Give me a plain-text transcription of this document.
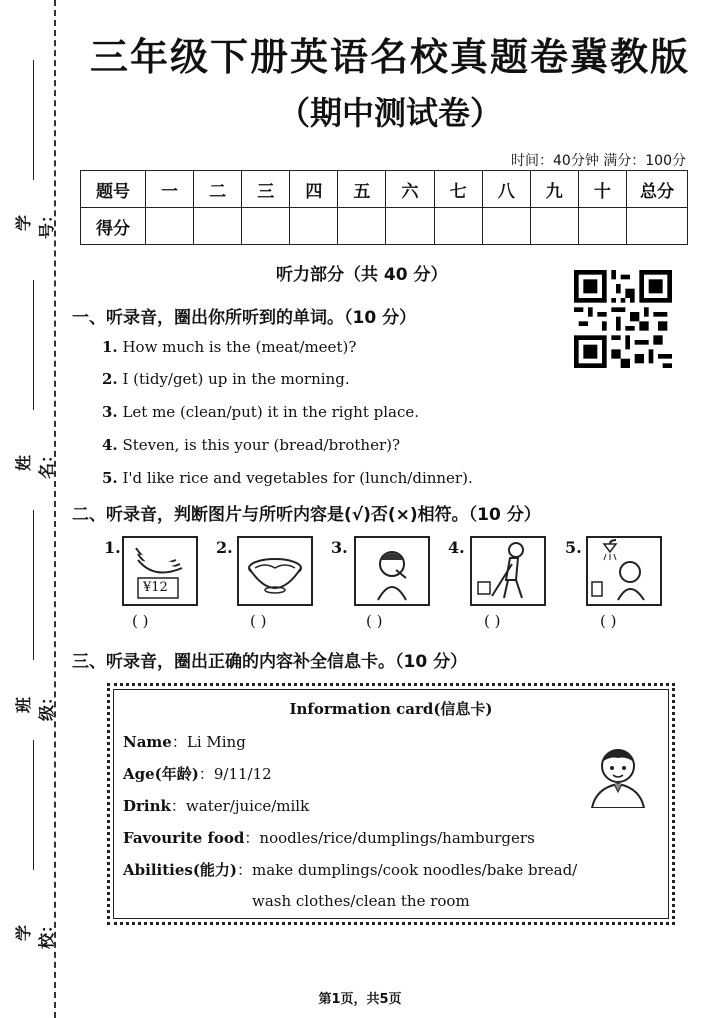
学号：
姓名：
班级：
学校：
三年级下册英语名校真题卷冀教版
（期中测试卷）
时间：40分钟 满分：100分
题号	一	二	三	四	五	六	七	八	九	十	总分
得分											
听力部分（共 40 分）
一、听录音，圈出你所听到的单词。（10 分）
1. How much is the (meat/meet)?
2. I (tidy/get) up in the morning.
3. Let me (clean/put) it in the right place.
4. Steven, is this your (bread/brother)?
5. I'd like rice and vegetables for (lunch/dinner).
二、听录音，判断图片与所听内容是(√)否(×)相符。（10 分）
1.
¥12
( )
2.
( )
3.
( )
4.
( )
5.
( )
三、听录音，圈出正确的内容补全信息卡。（10 分）
Information card(信息卡)
Name：Li Ming
Age(年龄)：9/11/12
Drink：water/juice/milk
Favourite food：noodles/rice/dumplings/hamburgers
Abilities(能力)：make dumplings/cook noodles/bake bread/
wash clothes/clean the room
第1页，共5页
